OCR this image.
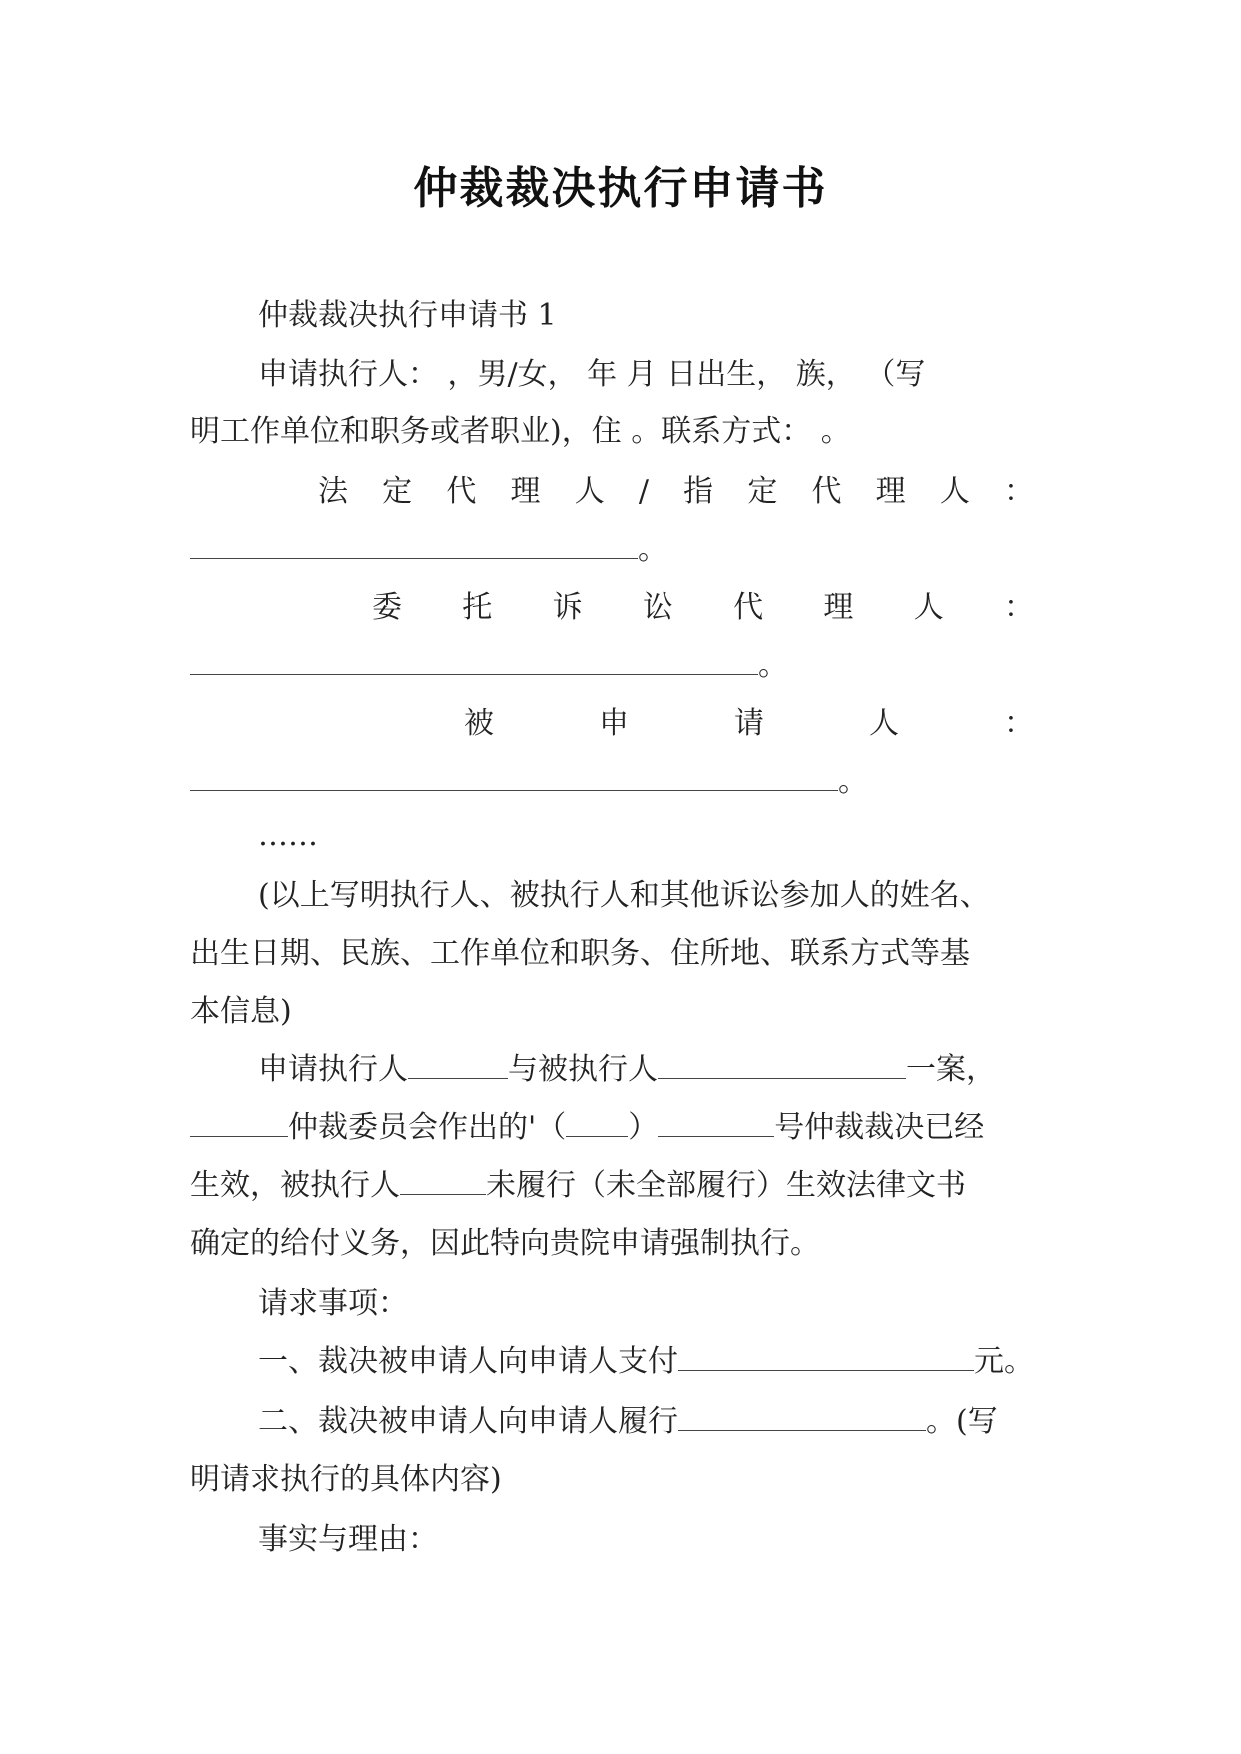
仲裁裁决执行申请书
仲裁裁决执行申请书 1
申请执行人： ，男/女， 年 月 日出生， 族， （写
明工作单位和职务或者职业)，住 。联系方式： 。
法 定 代 理 人 / 指 定 代 理 人 ：
。
委 托 诉 讼 代 理 人 ：
。
被	申	请	人	：
。
……
(以上写明执行人、被执行人和其他诉讼参加人的姓名、
出生日期、民族、工作单位和职务、住所地、联系方式等基
本信息)
申请执行人	与被执行人	一案，
仲裁委员会作出的'（ ）	号仲裁裁决已经
生效，被执行人	未履行（未全部履行）生效法律文书
确定的给付义务，因此特向贵院申请强制执行。
请求事项：
一、裁决被申请人向申请人支付	元。
二、裁决被申请人向申请人履行	。(写
明请求执行的具体内容)
事实与理由：
